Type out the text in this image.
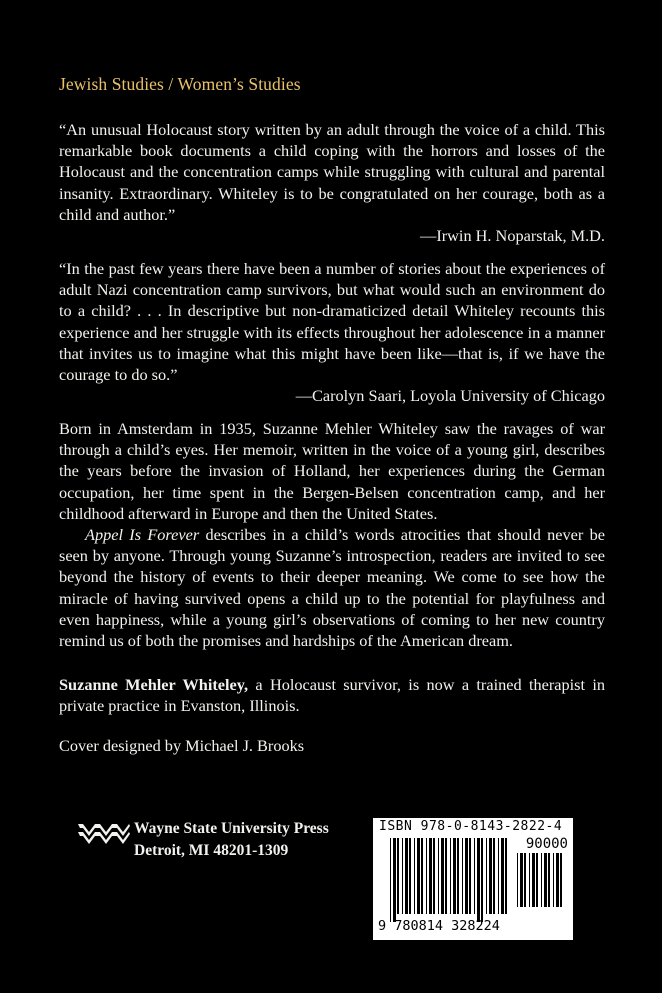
Jewish Studies / Women’s Studies

“An unusual Holocaust story written by an adult through the voice of a child. This remarkable book documents a child coping with the horrors and losses of the Holocaust and the concentration camps while struggling with cultural and parental insanity. Extraordinary. Whiteley is to be congratulated on her courage, both as a child and author.”

—Irwin H. Noparstak, M.D.

“In the past few years there have been a number of stories about the experiences of adult Nazi concentration camp survivors, but what would such an environment do to a child? . . . In descriptive but non-dramaticized detail Whiteley recounts this experience and her struggle with its effects throughout her adolescence in a manner that invites us to imagine what this might have been like—that is, if we have the courage to do so.”

—Carolyn Saari, Loyola University of Chicago

Born in Amsterdam in 1935, Suzanne Mehler Whiteley saw the ravages of war through a child’s eyes. Her memoir, written in the voice of a young girl, describes the years before the invasion of Holland, her experiences during the German occupation, her time spent in the Bergen-Belsen concentration camp, and her childhood afterward in Europe and then the United States.

Appel Is Forever describes in a child’s words atrocities that should never be seen by anyone. Through young Suzanne’s introspection, readers are invited to see beyond the history of events to their deeper meaning. We come to see how the miracle of having survived opens a child up to the potential for playfulness and even happiness, while a young girl’s observations of coming to her new country remind us of both the promises and hardships of the American dream.

Suzanne Mehler Whiteley, a Holocaust survivor, is now a trained therapist in private practice in Evanston, Illinois.

Cover designed by Michael J. Brooks

Wayne State University Press
Detroit, MI 48201-1309
ISBN 978-0-8143-2822-4
90000
9 780814 328224
